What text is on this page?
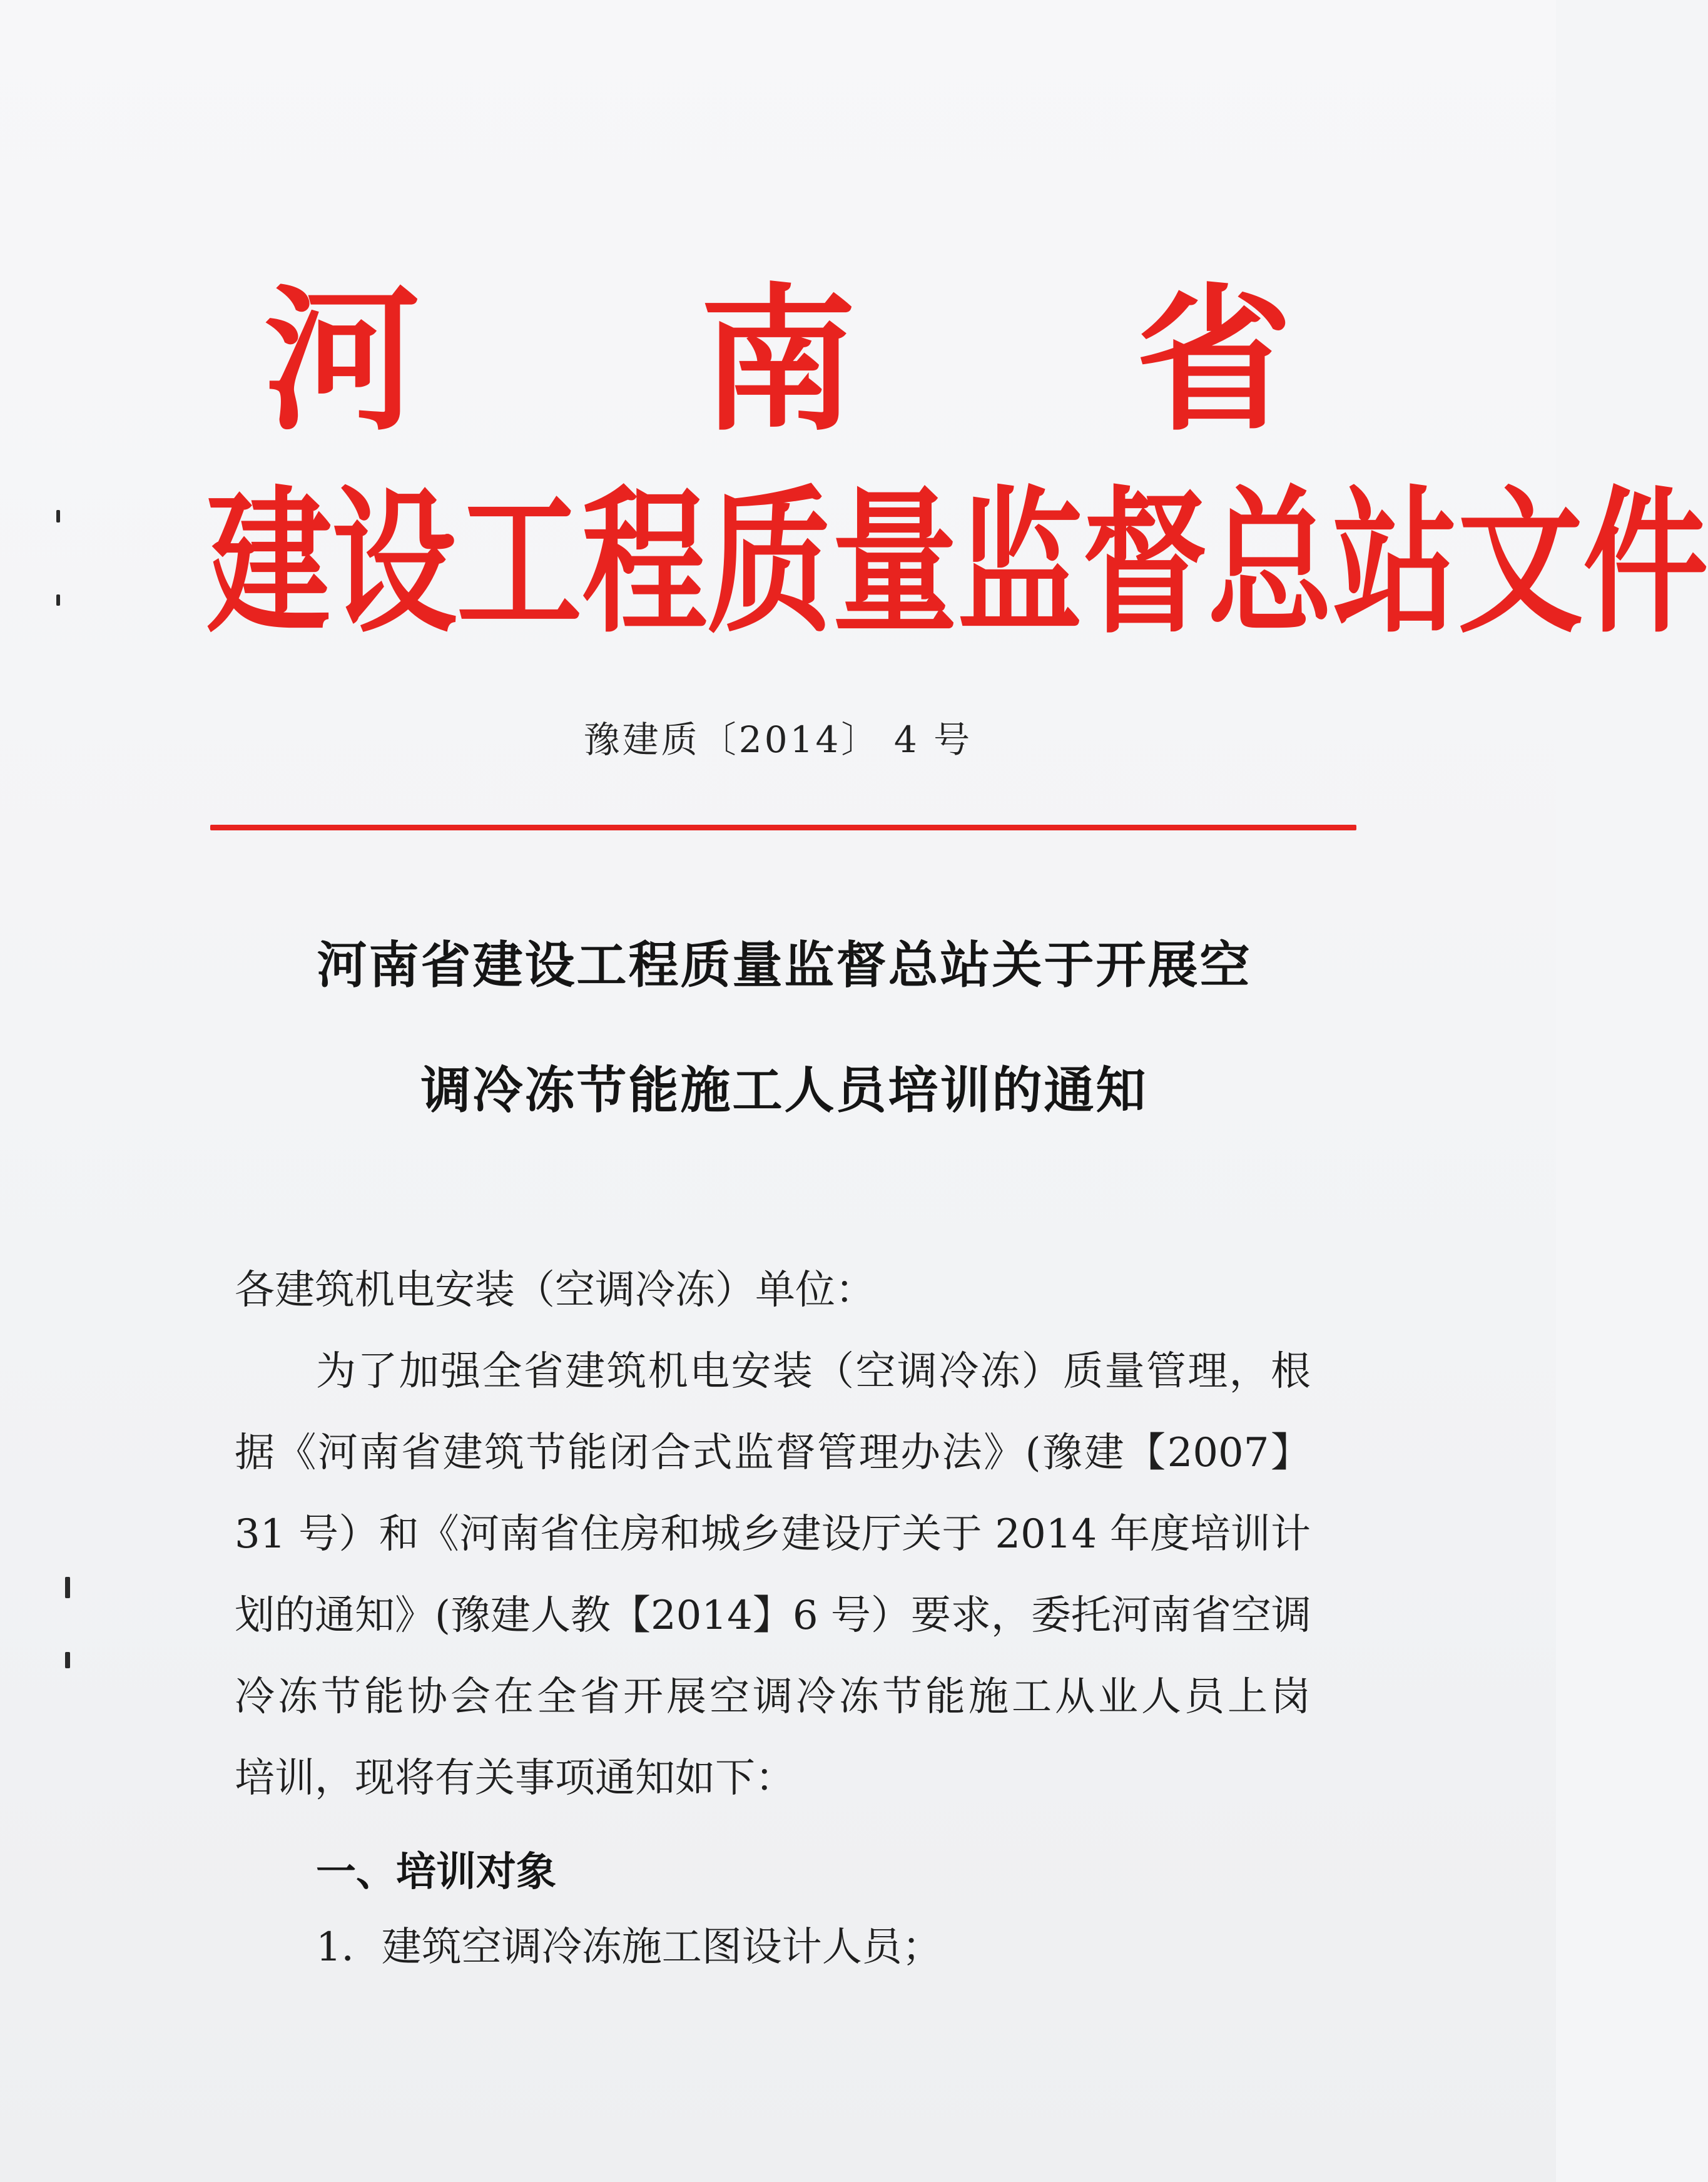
河 南 省
建 设 工 程 质 量 监 督 总 站 文 件
豫建质〔2014〕 4 号
河南省建设工程质量监督总站关于开展空
调冷冻节能施工人员培训的通知
各建筑机电安装（空调冷冻）单位：
为了加强全省建筑机电安装（空调冷冻）质量管理，根
据《河南省建筑节能闭合式监督管理办法》(豫建【2007】
31 号）和《河南省住房和城乡建设厅关于 2014 年度培训计
划的通知》(豫建人教【2014】6 号）要求，委托河南省空调
冷冻节能协会在全省开展空调冷冻节能施工从业人员上岗
培训，现将有关事项通知如下：
一、培训对象
1．建筑空调冷冻施工图设计人员；
